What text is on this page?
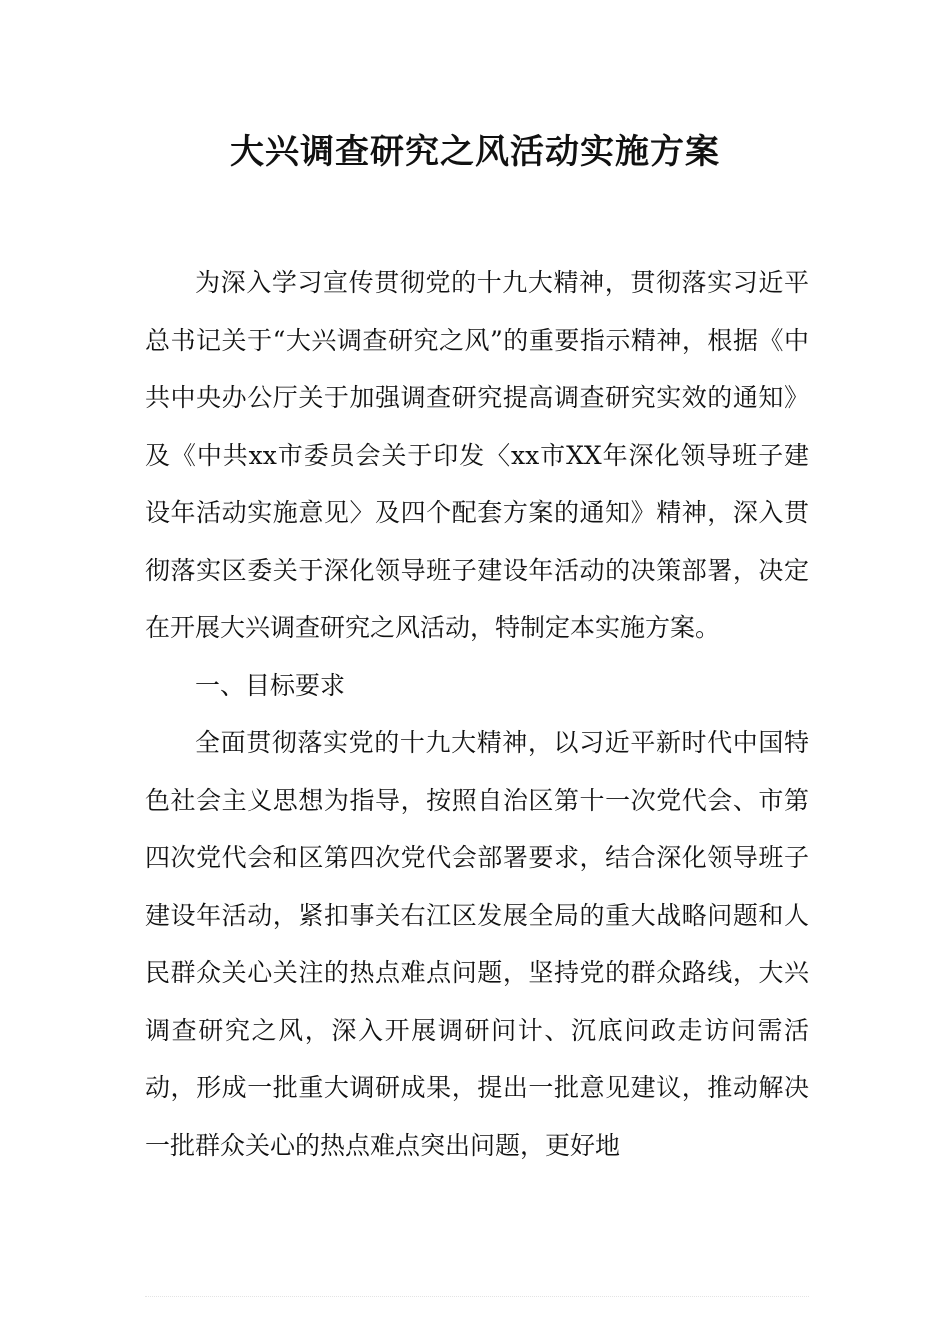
大兴调查研究之风活动实施方案

为深入学习宣传贯彻党的十九大精神，贯彻落实习近平总书记关于“大兴调查研究之风”的重要指示精神，根据《中共中央办公厅关于加强调查研究提高调查研究实效的通知》及《中共xx市委员会关于印发〈xx市XX年深化领导班子建设年活动实施意见〉及四个配套方案的通知》精神，深入贯彻落实区委关于深化领导班子建设年活动的决策部署，决定在开展大兴调查研究之风活动，特制定本实施方案。

一、目标要求

全面贯彻落实党的十九大精神，以习近平新时代中国特色社会主义思想为指导，按照自治区第十一次党代会、市第四次党代会和区第四次党代会部署要求，结合深化领导班子建设年活动，紧扣事关右江区发展全局的重大战略问题和人民群众关心关注的热点难点问题，坚持党的群众路线，大兴调查研究之风，深入开展调研问计、沉底问政走访问需活动，形成一批重大调研成果，提出一批意见建议，推动解决一批群众关心的热点难点突出问题，更好地
